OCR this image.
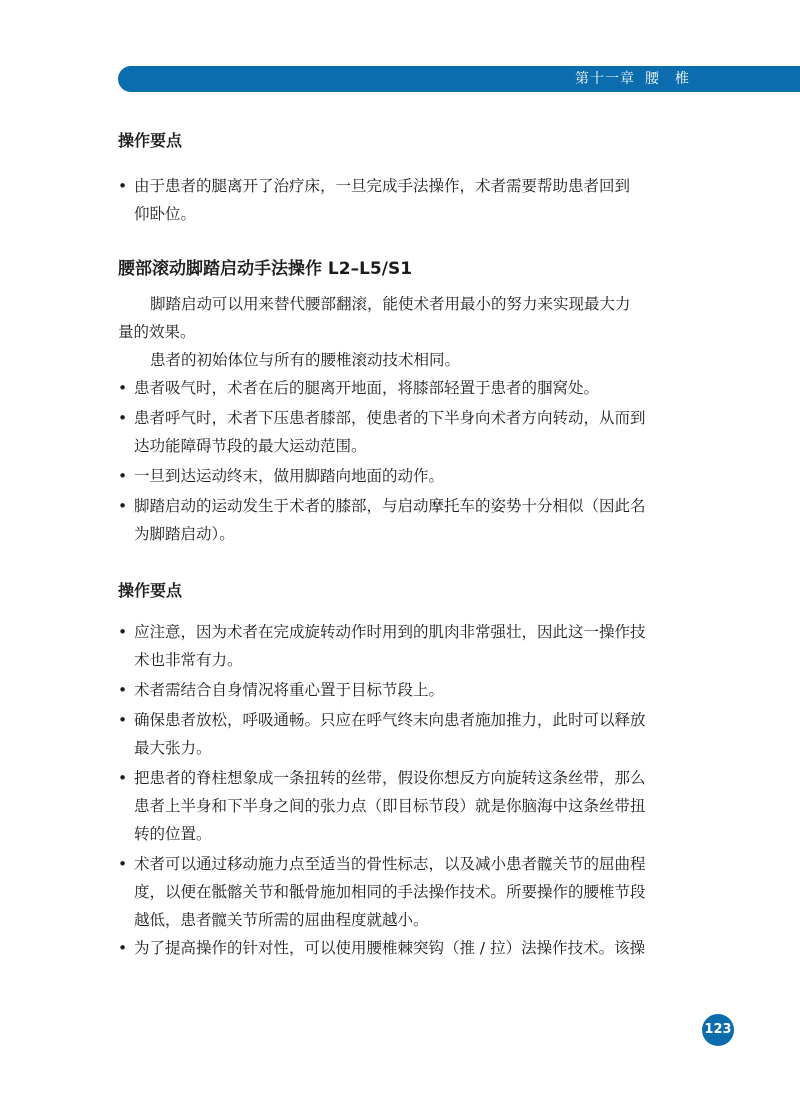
第十一章 腰　椎
操作要点
• 由于患者的腿离开了治疗床，一旦完成手法操作，术者需要帮助患者回到
仰卧位。
腰部滚动脚踏启动手法操作 L2–L5/S1
脚踏启动可以用来替代腰部翻滚，能使术者用最小的努力来实现最大力
量的效果。
患者的初始体位与所有的腰椎滚动技术相同。
• 患者吸气时，术者在后的腿离开地面，将膝部轻置于患者的腘窝处。
• 患者呼气时，术者下压患者膝部，使患者的下半身向术者方向转动，从而到
达功能障碍节段的最大运动范围。
• 一旦到达运动终末，做用脚踏向地面的动作。
• 脚踏启动的运动发生于术者的膝部，与启动摩托车的姿势十分相似（因此名
为脚踏启动）。
操作要点
• 应注意，因为术者在完成旋转动作时用到的肌肉非常强壮，因此这一操作技
术也非常有力。
• 术者需结合自身情况将重心置于目标节段上。
• 确保患者放松，呼吸通畅。只应在呼气终末向患者施加推力，此时可以释放
最大张力。
• 把患者的脊柱想象成一条扭转的丝带，假设你想反方向旋转这条丝带，那么
患者上半身和下半身之间的张力点（即目标节段）就是你脑海中这条丝带扭
转的位置。
• 术者可以通过移动施力点至适当的骨性标志，以及减小患者髋关节的屈曲程
度，以便在骶髂关节和骶骨施加相同的手法操作技术。所要操作的腰椎节段
越低，患者髋关节所需的屈曲程度就越小。
• 为了提高操作的针对性，可以使用腰椎棘突钩（推 / 拉）法操作技术。该操
123
